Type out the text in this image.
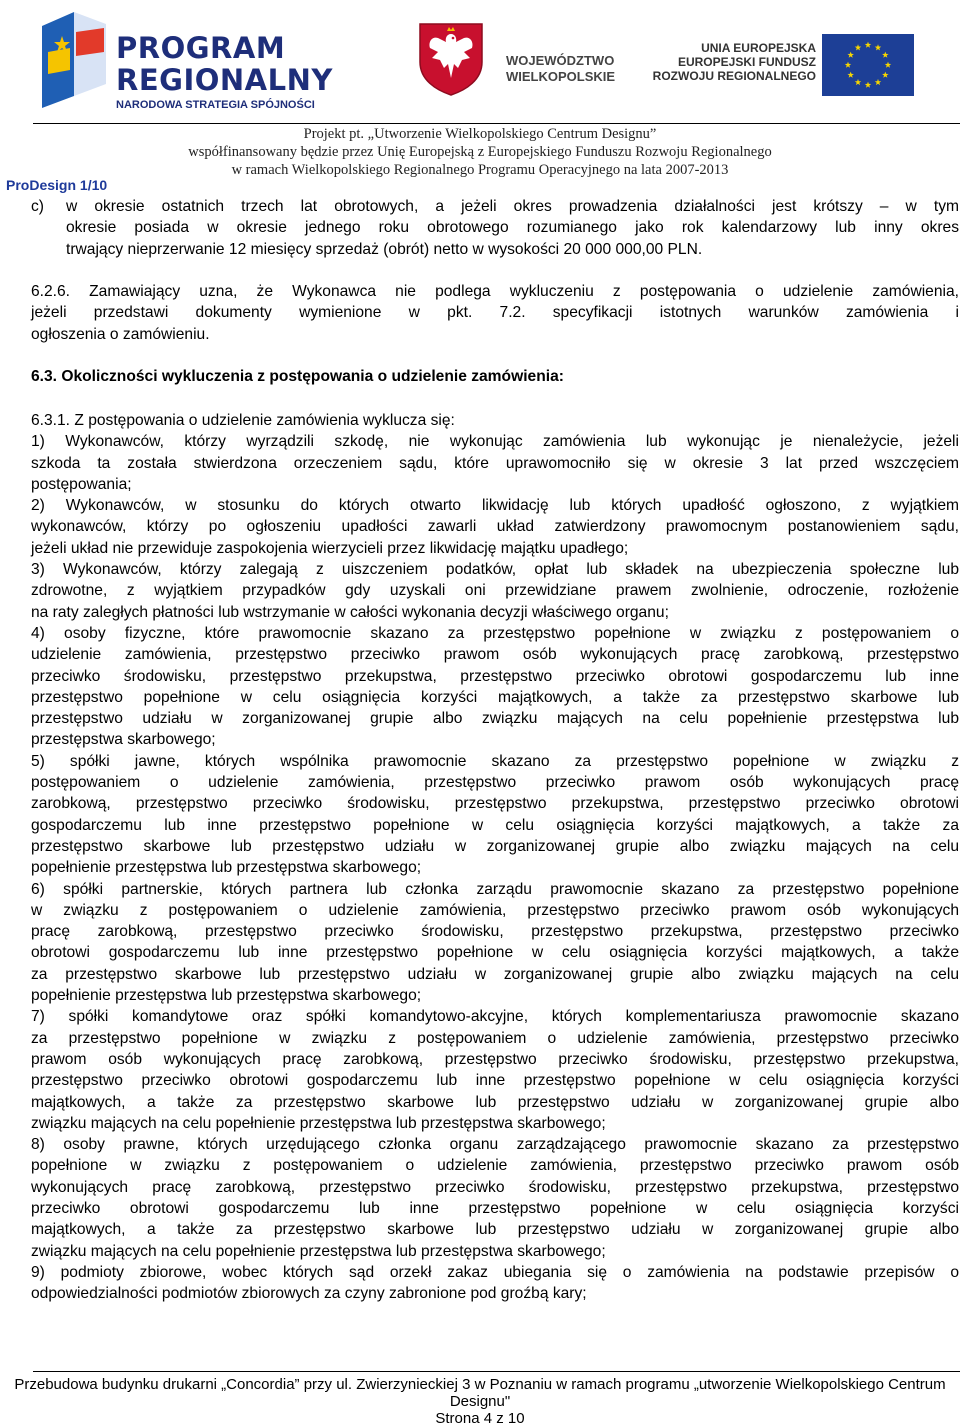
PROGRAM
REGIONALNY
NARODOWA STRATEGIA SPÓJNOŚCI
WOJEWÓDZTWO
WIELKOPOLSKIE
UNIA EUROPEJSKA
EUROPEJSKI FUNDUSZ
ROZWOJU REGIONALNEGO
Projekt pt. „Utworzenie Wielkopolskiego Centrum Designu”
współfinansowany będzie przez Unię Europejską z Europejskiego Funduszu Rozwoju Regionalnego
w ramach Wielkopolskiego Regionalnego Programu Operacyjnego na lata 2007-2013
ProDesign 1/10
c) w okresie ostatnich trzech lat obrotowych, a jeżeli okres prowadzenia działalności jest krótszy – w tym
okresie posiada w okresie jednego roku obrotowego rozumianego jako rok kalendarzowy lub inny okres
trwający nieprzerwanie 12 miesięcy sprzedaż (obrót) netto w wysokości 20 000 000,00 PLN.
6.2.6. Zamawiający uzna, że Wykonawca nie podlega wykluczeniu z postępowania o udzielenie zamówienia,
jeżeli przedstawi dokumenty wymienione w pkt. 7.2. specyfikacji istotnych warunków zamówienia i
ogłoszenia o zamówieniu.
6.3. Okoliczności wykluczenia z postępowania o udzielenie zamówienia:
6.3.1. Z postępowania o udzielenie zamówienia wyklucza się:
1) Wykonawców, którzy wyrządzili szkodę, nie wykonując zamówienia lub wykonując je nienależycie, jeżeli
szkoda ta została stwierdzona orzeczeniem sądu, które uprawomocniło się w okresie 3 lat przed wszczęciem
postępowania;
2) Wykonawców, w stosunku do których otwarto likwidację lub których upadłość ogłoszono, z wyjątkiem
wykonawców, którzy po ogłoszeniu upadłości zawarli układ zatwierdzony prawomocnym postanowieniem sądu,
jeżeli układ nie przewiduje zaspokojenia wierzycieli przez likwidację majątku upadłego;
3) Wykonawców, którzy zalegają z uiszczeniem podatków, opłat lub składek na ubezpieczenia społeczne lub
zdrowotne, z wyjątkiem przypadków gdy uzyskali oni przewidziane prawem zwolnienie, odroczenie, rozłożenie
na raty zaległych płatności lub wstrzymanie w całości wykonania decyzji właściwego organu;
4) osoby fizyczne, które prawomocnie skazano za przestępstwo popełnione w związku z postępowaniem o
udzielenie zamówienia, przestępstwo przeciwko prawom osób wykonujących pracę zarobkową, przestępstwo
przeciwko środowisku, przestępstwo przekupstwa, przestępstwo przeciwko obrotowi gospodarczemu lub inne
przestępstwo popełnione w celu osiągnięcia korzyści majątkowych, a także za przestępstwo skarbowe lub
przestępstwo udziału w zorganizowanej grupie albo związku mających na celu popełnienie przestępstwa lub
przestępstwa skarbowego;
5) spółki jawne, których wspólnika prawomocnie skazano za przestępstwo popełnione w związku z
postępowaniem o udzielenie zamówienia, przestępstwo przeciwko prawom osób wykonujących pracę
zarobkową, przestępstwo przeciwko środowisku, przestępstwo przekupstwa, przestępstwo przeciwko obrotowi
gospodarczemu lub inne przestępstwo popełnione w celu osiągnięcia korzyści majątkowych, a także za
przestępstwo skarbowe lub przestępstwo udziału w zorganizowanej grupie albo związku mających na celu
popełnienie przestępstwa lub przestępstwa skarbowego;
6) spółki partnerskie, których partnera lub członka zarządu prawomocnie skazano za przestępstwo popełnione
w związku z postępowaniem o udzielenie zamówienia, przestępstwo przeciwko prawom osób wykonujących
pracę zarobkową, przestępstwo przeciwko środowisku, przestępstwo przekupstwa, przestępstwo przeciwko
obrotowi gospodarczemu lub inne przestępstwo popełnione w celu osiągnięcia korzyści majątkowych, a także
za przestępstwo skarbowe lub przestępstwo udziału w zorganizowanej grupie albo związku mających na celu
popełnienie przestępstwa lub przestępstwa skarbowego;
7) spółki komandytowe oraz spółki komandytowo-akcyjne, których komplementariusza prawomocnie skazano
za przestępstwo popełnione w związku z postępowaniem o udzielenie zamówienia, przestępstwo przeciwko
prawom osób wykonujących pracę zarobkową, przestępstwo przeciwko środowisku, przestępstwo przekupstwa,
przestępstwo przeciwko obrotowi gospodarczemu lub inne przestępstwo popełnione w celu osiągnięcia korzyści
majątkowych, a także za przestępstwo skarbowe lub przestępstwo udziału w zorganizowanej grupie albo
związku mających na celu popełnienie przestępstwa lub przestępstwa skarbowego;
8) osoby prawne, których urzędującego członka organu zarządzającego prawomocnie skazano za przestępstwo
popełnione w związku z postępowaniem o udzielenie zamówienia, przestępstwo przeciwko prawom osób
wykonujących pracę zarobkową, przestępstwo przeciwko środowisku, przestępstwo przekupstwa, przestępstwo
przeciwko obrotowi gospodarczemu lub inne przestępstwo popełnione w celu osiągnięcia korzyści
majątkowych, a także za przestępstwo skarbowe lub przestępstwo udziału w zorganizowanej grupie albo
związku mających na celu popełnienie przestępstwa lub przestępstwa skarbowego;
9) podmioty zbiorowe, wobec których sąd orzekł zakaz ubiegania się o zamówienia na podstawie przepisów o
odpowiedzialności podmiotów zbiorowych za czyny zabronione pod groźbą kary;
Przebudowa budynku drukarni „Concordia” przy ul. Zwierzynieckiej 3 w Poznaniu w ramach programu „utworzenie Wielkopolskiego Centrum
Designu"
Strona 4 z 10
